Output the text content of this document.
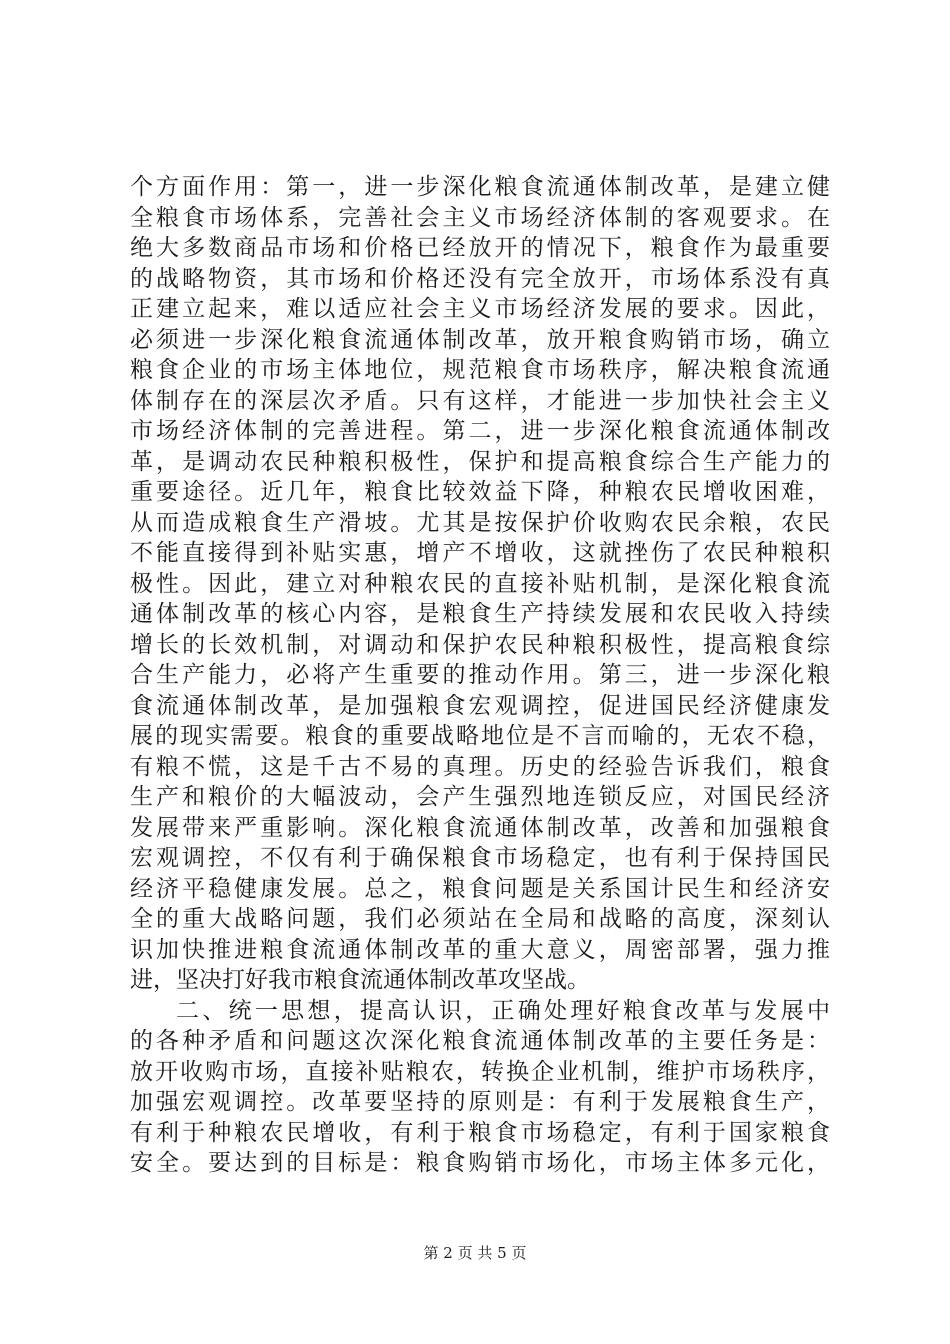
个方面作用：第一，进一步深化粮食流通体制改革，是建立健
全粮食市场体系，完善社会主义市场经济体制的客观要求。在
绝大多数商品市场和价格已经放开的情况下，粮食作为最重要
的战略物资，其市场和价格还没有完全放开，市场体系没有真
正建立起来，难以适应社会主义市场经济发展的要求。因此，
必须进一步深化粮食流通体制改革，放开粮食购销市场，确立
粮食企业的市场主体地位，规范粮食市场秩序，解决粮食流通
体制存在的深层次矛盾。只有这样，才能进一步加快社会主义
市场经济体制的完善进程。第二，进一步深化粮食流通体制改
革，是调动农民种粮积极性，保护和提高粮食综合生产能力的
重要途径。近几年，粮食比较效益下降，种粮农民增收困难，
从而造成粮食生产滑坡。尤其是按保护价收购农民余粮，农民
不能直接得到补贴实惠，增产不增收，这就挫伤了农民种粮积
极性。因此，建立对种粮农民的直接补贴机制，是深化粮食流
通体制改革的核心内容，是粮食生产持续发展和农民收入持续
增长的长效机制，对调动和保护农民种粮积极性，提高粮食综
合生产能力，必将产生重要的推动作用。第三，进一步深化粮
食流通体制改革，是加强粮食宏观调控，促进国民经济健康发
展的现实需要。粮食的重要战略地位是不言而喻的，无农不稳，
有粮不慌，这是千古不易的真理。历史的经验告诉我们，粮食
生产和粮价的大幅波动，会产生强烈地连锁反应，对国民经济
发展带来严重影响。深化粮食流通体制改革，改善和加强粮食
宏观调控，不仅有利于确保粮食市场稳定，也有利于保持国民
经济平稳健康发展。总之，粮食问题是关系国计民生和经济安
全的重大战略问题，我们必须站在全局和战略的高度，深刻认
识加快推进粮食流通体制改革的重大意义，周密部署，强力推
进，坚决打好我市粮食流通体制改革攻坚战。
二、统一思想，提高认识，正确处理好粮食改革与发展中
的各种矛盾和问题这次深化粮食流通体制改革的主要任务是：
放开收购市场，直接补贴粮农，转换企业机制，维护市场秩序，
加强宏观调控。改革要坚持的原则是：有利于发展粮食生产，
有利于种粮农民增收，有利于粮食市场稳定，有利于国家粮食
安全。要达到的目标是：粮食购销市场化，市场主体多元化，
第 2 页 共 5 页
